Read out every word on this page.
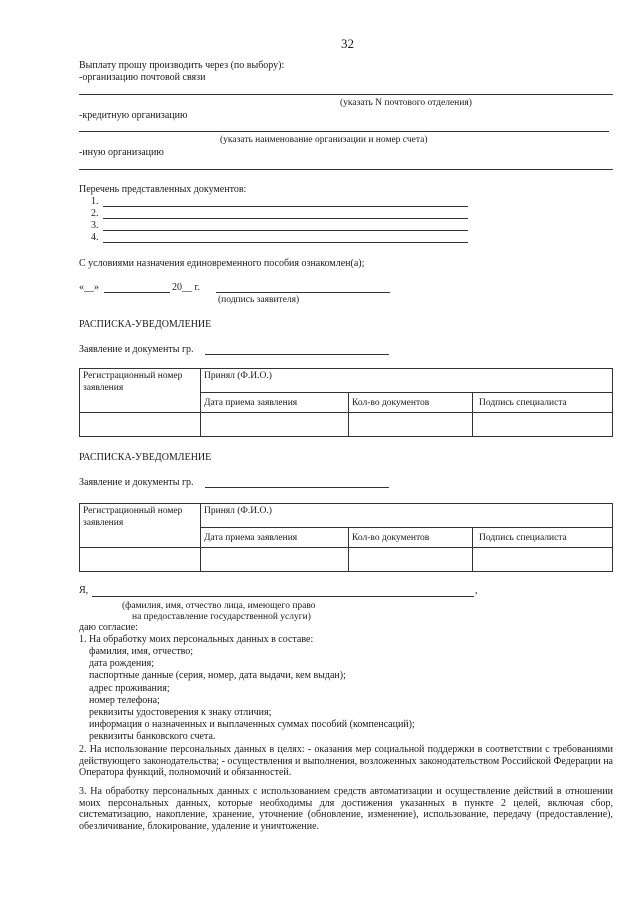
32
Выплату прошу производить через (по выбору):
-организацию почтовой связи
(указать N почтового отделения)
-кредитную организацию
(указать наименование организации и номер счета)
-иную организацию
Перечень представленных документов:
1.
2.
3.
4.
С условиями назначения единовременного пособия ознакомлен(а);
«__»	20__ г.
(подпись заявителя)
РАСПИСКА-УВЕДОМЛЕНИЕ
Заявление и документы гр.
Регистрационный номер заявления	Принял (Ф.И.О.)		
	Дата приема заявления	Кол-во документов	Подпись специалиста

РАСПИСКА-УВЕДОМЛЕНИЕ
Заявление и документы гр.
Регистрационный номер заявления	Принял (Ф.И.О.)		
	Дата приема заявления	Кол-во документов	Подпись специалиста

Я,	,
(фамилия, имя, отчество лица, имеющего право
на предоставление государственной услуги)
даю согласие:
1. На обработку моих персональных данных в составе:

фамилия, имя, отчество;

дата рождения;

паспортные данные (серия, номер, дата выдачи, кем выдан);

адрес проживания;

номер телефона;

реквизиты удостоверения к знаку отличия;

информация о назначенных и выплаченных суммах пособий (компенсаций);

реквизиты банковского счета.

2. На использование персональных данных в целях: - оказания мер социальной поддержки в соответствии с требованиями действующего законодательства; - осуществления и выполнения, возложенных законодательством Российской Федерации на Оператора функций, полномочий и обязанностей.
3. На обработку персональных данных с использованием средств автоматизации и осуществление действий в отношении моих персональных данных, которые необходимы для достижения указанных в пункте 2 целей, включая сбор, систематизацию, накопление, хранение, уточнение (обновление, изменение), использование, передачу (предоставление), обезличивание, блокирование, удаление и уничтожение.
